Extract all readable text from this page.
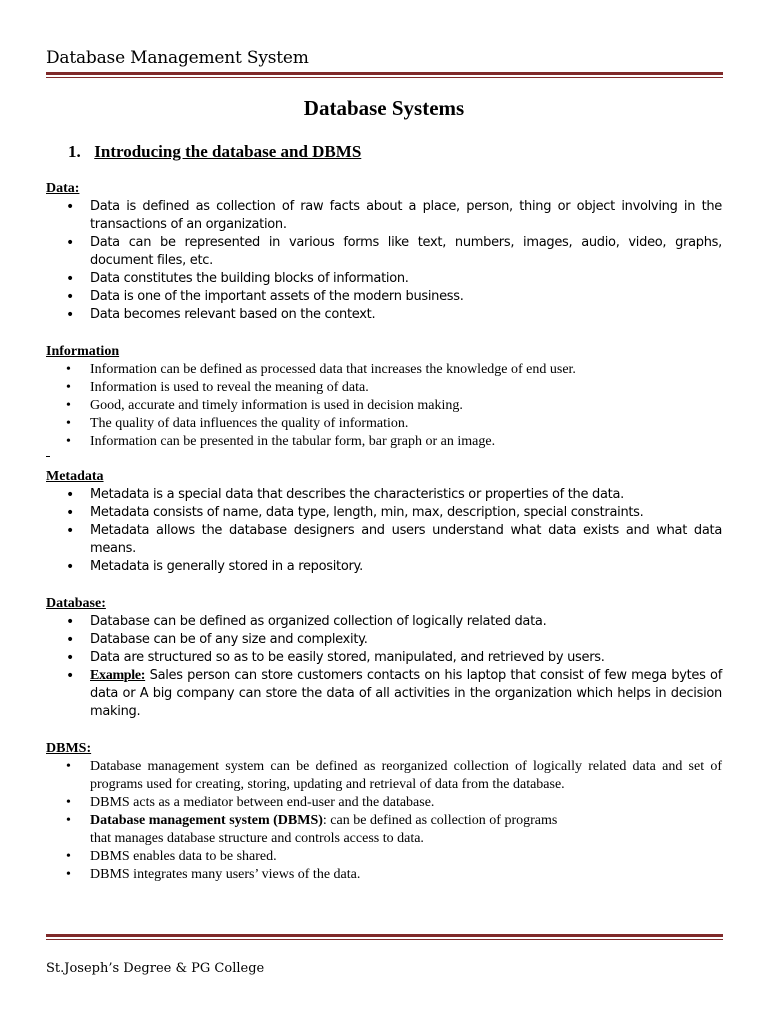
Database Management System
Database Systems
1. Introducing the database and DBMS
Data:
• Data is defined as collection of raw facts about a place, person, thing or object involving in the transactions of an organization.
• Data can be represented in various forms like text, numbers, images, audio, video, graphs, document files, etc.
• Data constitutes the building blocks of information.
• Data is one of the important assets of the modern business.
• Data becomes relevant based on the context.
Information
• Information can be defined as processed data that increases the knowledge of end user.
• Information is used to reveal the meaning of data.
• Good, accurate and timely information is used in decision making.
• The quality of data influences the quality of information.
• Information can be presented in the tabular form, bar graph or an image.
Metadata
• Metadata is a special data that describes the characteristics or properties of the data.
• Metadata consists of name, data type, length, min, max, description, special constraints.
• Metadata allows the database designers and users understand what data exists and what data means.
• Metadata is generally stored in a repository.
Database:
• Database can be defined as organized collection of logically related data.
• Database can be of any size and complexity.
• Data are structured so as to be easily stored, manipulated, and retrieved by users.
• Example: Sales person can store customers contacts on his laptop that consist of few mega bytes of data or A big company can store the data of all activities in the organization which helps in decision making.
DBMS:
• Database management system can be defined as reorganized collection of logically related data and set of programs used for creating, storing, updating and retrieval of data from the database.
• DBMS acts as a mediator between end-user and the database.
• Database management system (DBMS): can be defined as collection of programs
that manages database structure and controls access to data.
• DBMS enables data to be shared.
• DBMS integrates many users’ views of the data.
St.Joseph’s Degree & PG College
